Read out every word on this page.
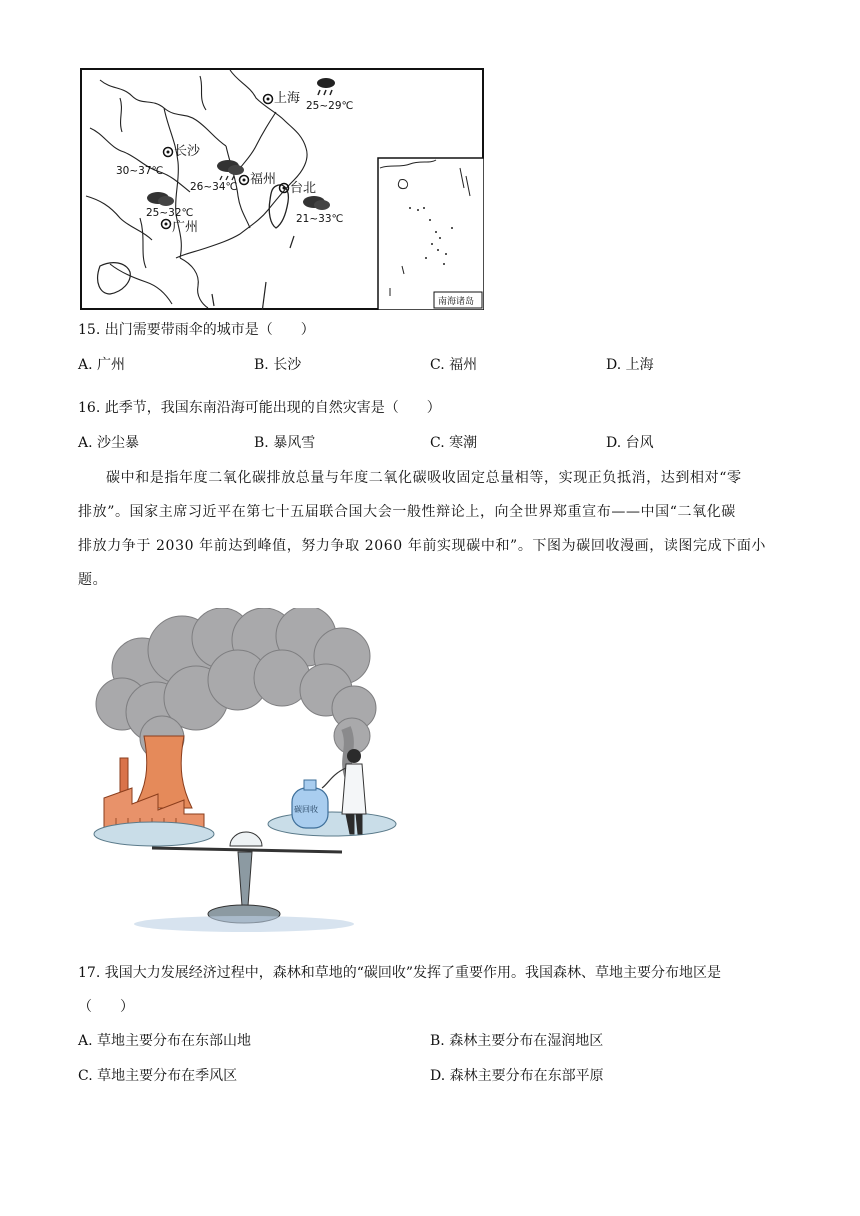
南海诸岛
上海 25~29℃
长沙
30~37℃
福州
26~34℃	台北
21~33℃
25~32℃
广州
15. 出门需要带雨伞的城市是（　　）
A. 广州	B. 长沙	C. 福州	D. 上海
16. 此季节，我国东南沿海可能出现的自然灾害是（　　）
A. 沙尘暴	B. 暴风雪	C. 寒潮	D. 台风
碳中和是指年度二氧化碳排放总量与年度二氧化碳吸收固定总量相等，实现正负抵消，达到相对“零
排放”。国家主席习近平在第七十五届联合国大会一般性辩论上，向全世界郑重宣布——中国“二氧化碳
排放力争于 2030 年前达到峰值，努力争取 2060 年前实现碳中和”。下图为碳回收漫画，读图完成下面小
题。
碳回收
17. 我国大力发展经济过程中，森林和草地的“碳回收”发挥了重要作用。我国森林、草地主要分布地区是
（　　）
A. 草地主要分布在东部山地	B. 森林主要分布在湿润地区
C. 草地主要分布在季风区	D. 森林主要分布在东部平原
